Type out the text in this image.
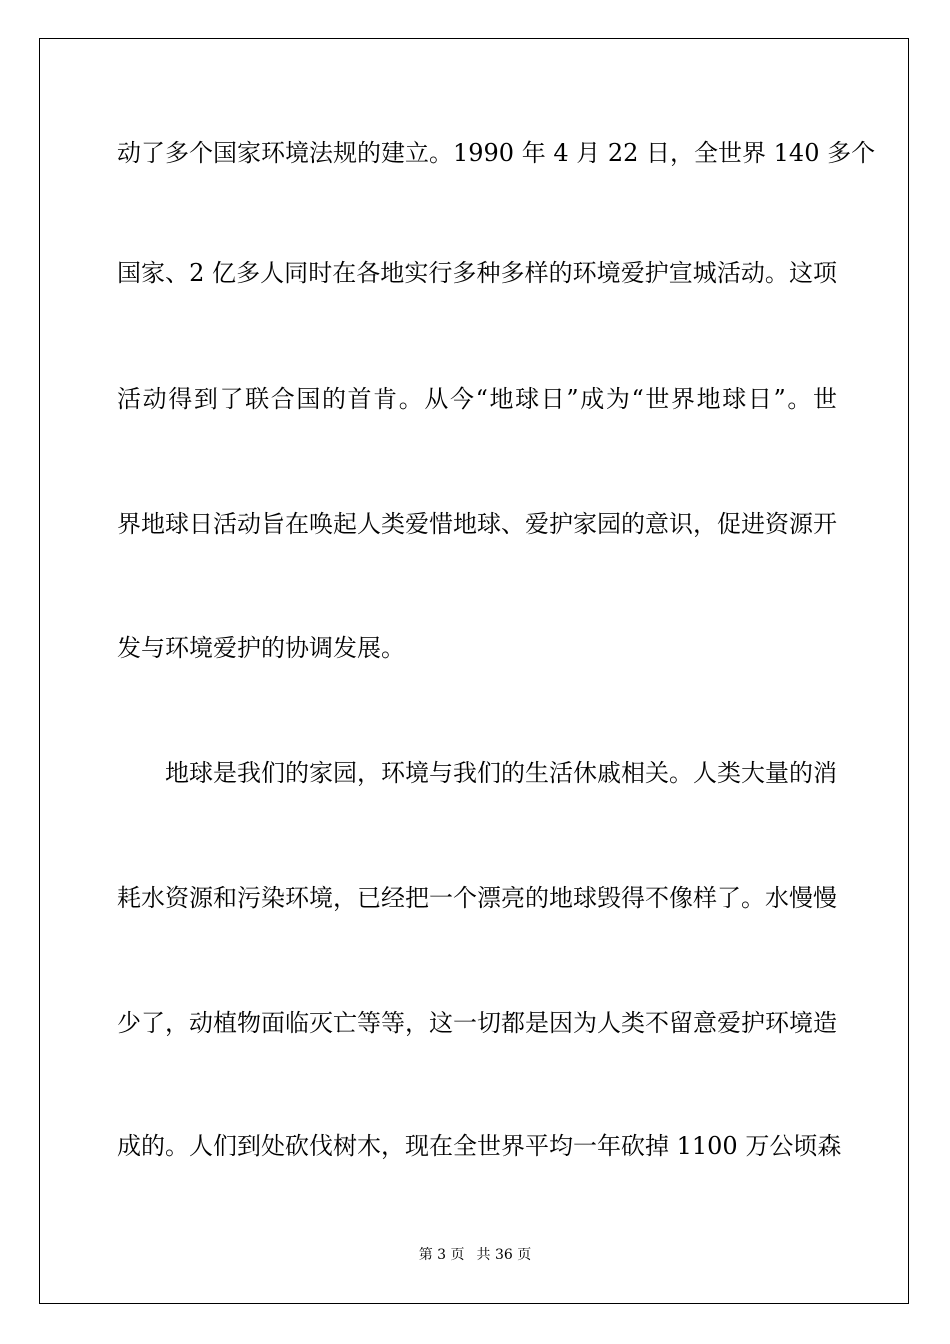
动了多个国家环境法规的建立。1990 年 4 月 22 日，全世界 140 多个
国家、2 亿多人同时在各地实行多种多样的环境爱护宣城活动。这项
活动得到了联合国的首肯。从今“地球日”成为“世界地球日”。世
界地球日活动旨在唤起人类爱惜地球、爱护家园的意识，促进资源开
发与环境爱护的协调发展。
地球是我们的家园，环境与我们的生活休戚相关。人类大量的消
耗水资源和污染环境，已经把一个漂亮的地球毁得不像样了。水慢慢
少了，动植物面临灭亡等等，这一切都是因为人类不留意爱护环境造
成的。人们到处砍伐树木，现在全世界平均一年砍掉 1100 万公顷森
第 3 页 共 36 页
